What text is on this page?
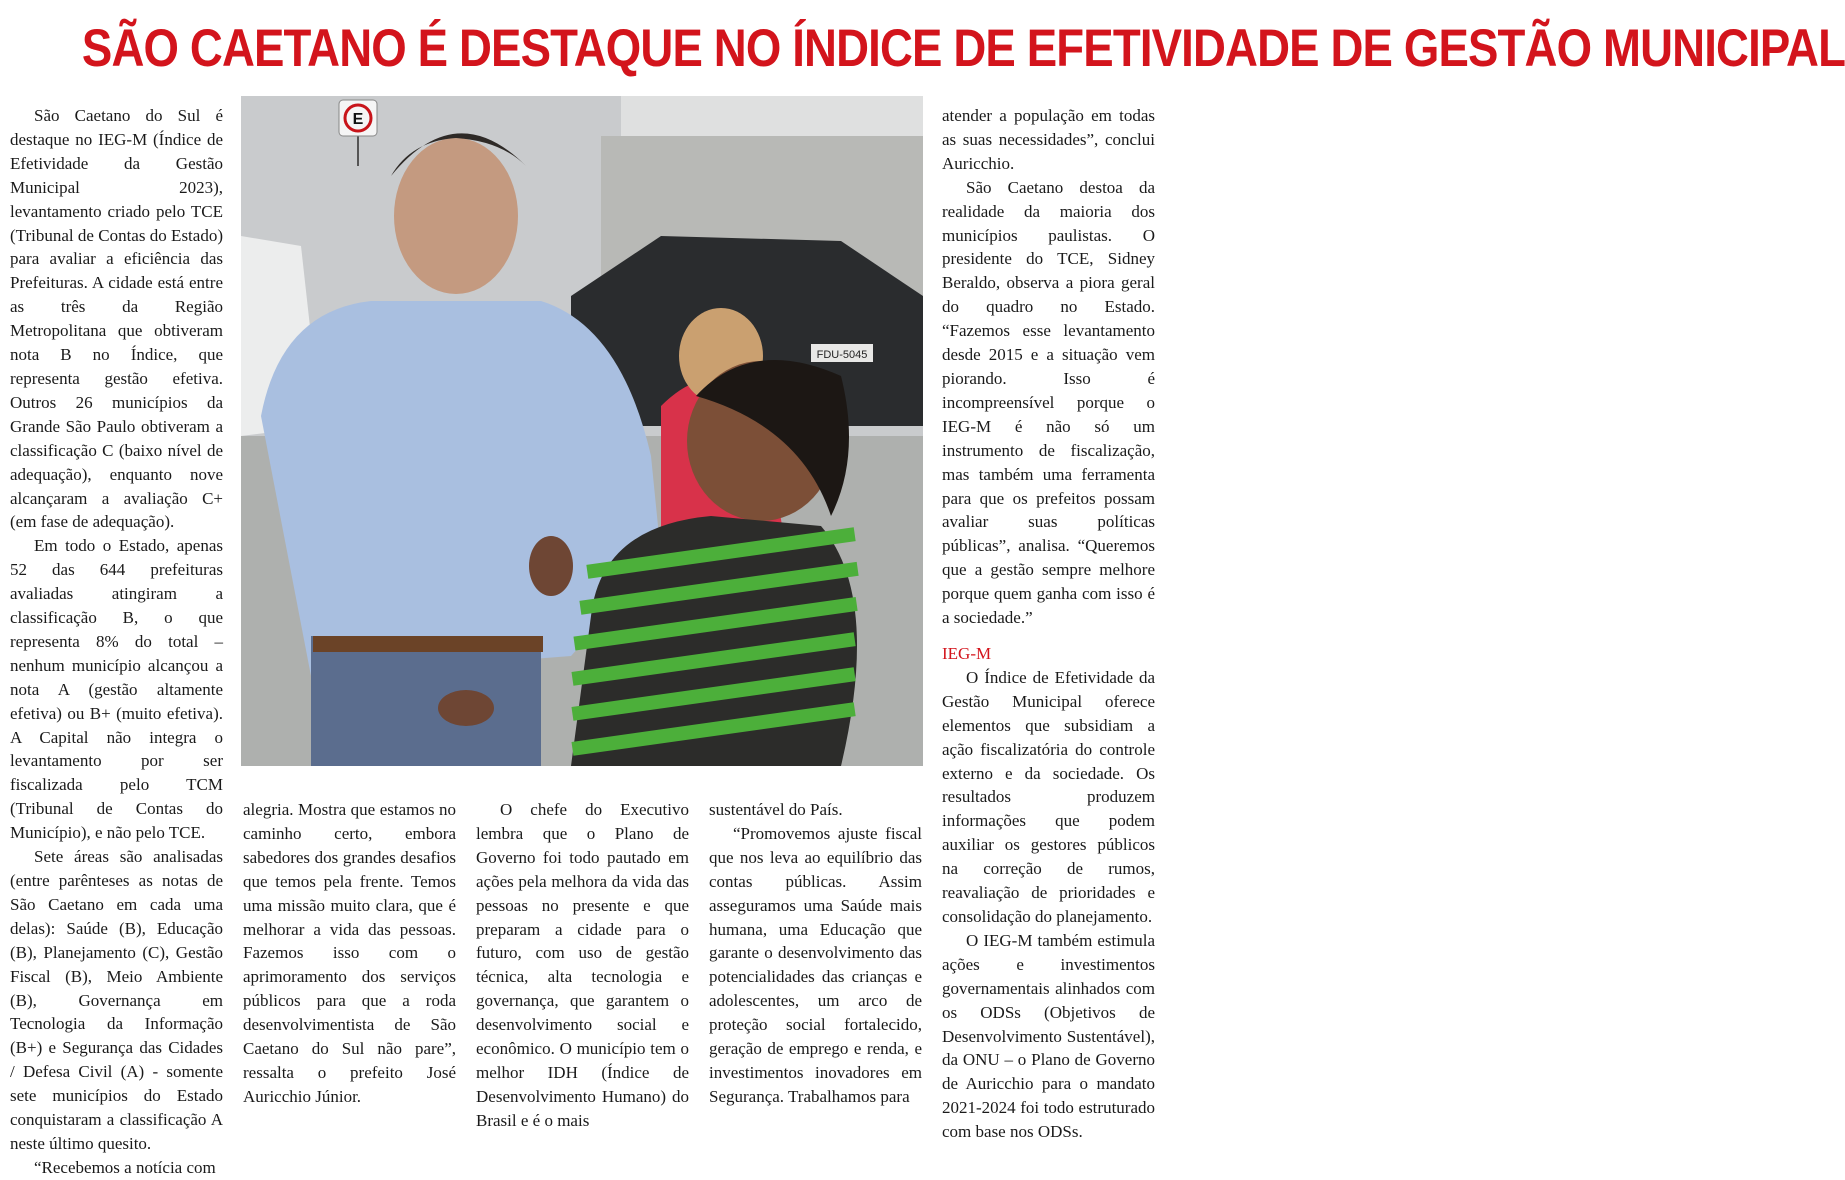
SÃO CAETANO É DESTAQUE NO ÍNDICE DE EFETIVIDADE DE GESTÃO MUNICIPAL

São Caetano do Sul é destaque no IEG-M (Índice de Efetividade da Gestão Municipal 2023), levantamento criado pelo TCE (Tribunal de Contas do Estado) para avaliar a eficiência das Prefeituras. A cidade está entre as três da Região Metropolitana que obtiveram nota B no Índice, que representa gestão efetiva. Outros 26 municípios da Grande São Paulo obtiveram a classificação C (baixo nível de adequação), enquanto nove alcançaram a avaliação C+ (em fase de adequação).

Em todo o Estado, apenas 52 das 644 prefeituras avaliadas atingiram a classificação B, o que representa 8% do total – nenhum município alcançou a nota A (gestão altamente efetiva) ou B+ (muito efetiva). A Capital não integra o levantamento por ser fiscalizada pelo TCM (Tribunal de Contas do Município), e não pelo TCE.

Sete áreas são analisadas (entre parênteses as notas de São Caetano em cada uma delas): Saúde (B), Educação (B), Planejamento (C), Gestão Fiscal (B), Meio Ambiente (B), Governança em Tecnologia da Informação (B+) e Segurança das Cidades / Defesa Civil (A) - somente sete municípios do Estado conquistaram a classificação A neste último quesito.

“Recebemos a notícia com

FDU-5045
E

alegria. Mostra que estamos no caminho certo, embora sabedores dos grandes desafios que temos pela frente. Temos uma missão muito clara, que é melhorar a vida das pessoas. Fazemos isso com o aprimoramento dos serviços públicos para que a roda desenvolvimentista de São Caetano do Sul não pare”, ressalta o prefeito José Auricchio Júnior.

O chefe do Executivo lembra que o Plano de Governo foi todo pautado em ações pela melhora da vida das pessoas no presente e que preparam a cidade para o futuro, com uso de gestão técnica, alta tecnologia e governança, que garantem o desenvolvimento social e econômico. O município tem o melhor IDH (Índice de Desenvolvimento Humano) do Brasil e é o mais

sustentável do País.

“Promovemos ajuste fiscal que nos leva ao equilíbrio das contas públicas. Assim asseguramos uma Saúde mais humana, uma Educação que garante o desenvolvimento das potencialidades das crianças e adolescentes, um arco de proteção social fortalecido, geração de emprego e renda, e investimentos inovadores em Segurança. Trabalhamos para

atender a população em todas as suas necessidades”, conclui Auricchio.

São Caetano destoa da realidade da maioria dos municípios paulistas. O presidente do TCE, Sidney Beraldo, observa a piora geral do quadro no Estado. “Fazemos esse levantamento desde 2015 e a situação vem piorando. Isso é incompreensível porque o IEG-M é não só um instrumento de fiscalização, mas também uma ferramenta para que os prefeitos possam avaliar suas políticas públicas”, analisa. “Queremos que a gestão sempre melhore porque quem ganha com isso é a sociedade.”

IEG-M

O Índice de Efetividade da Gestão Municipal oferece elementos que subsidiam a ação fiscalizatória do controle externo e da sociedade. Os resultados produzem informações que podem auxiliar os gestores públicos na correção de rumos, reavaliação de prioridades e consolidação do planejamento.

O IEG-M também estimula ações e investimentos governamentais alinhados com os ODSs (Objetivos de Desenvolvimento Sustentável), da ONU – o Plano de Governo de Auricchio para o mandato 2021-2024 foi todo estruturado com base nos ODSs.
